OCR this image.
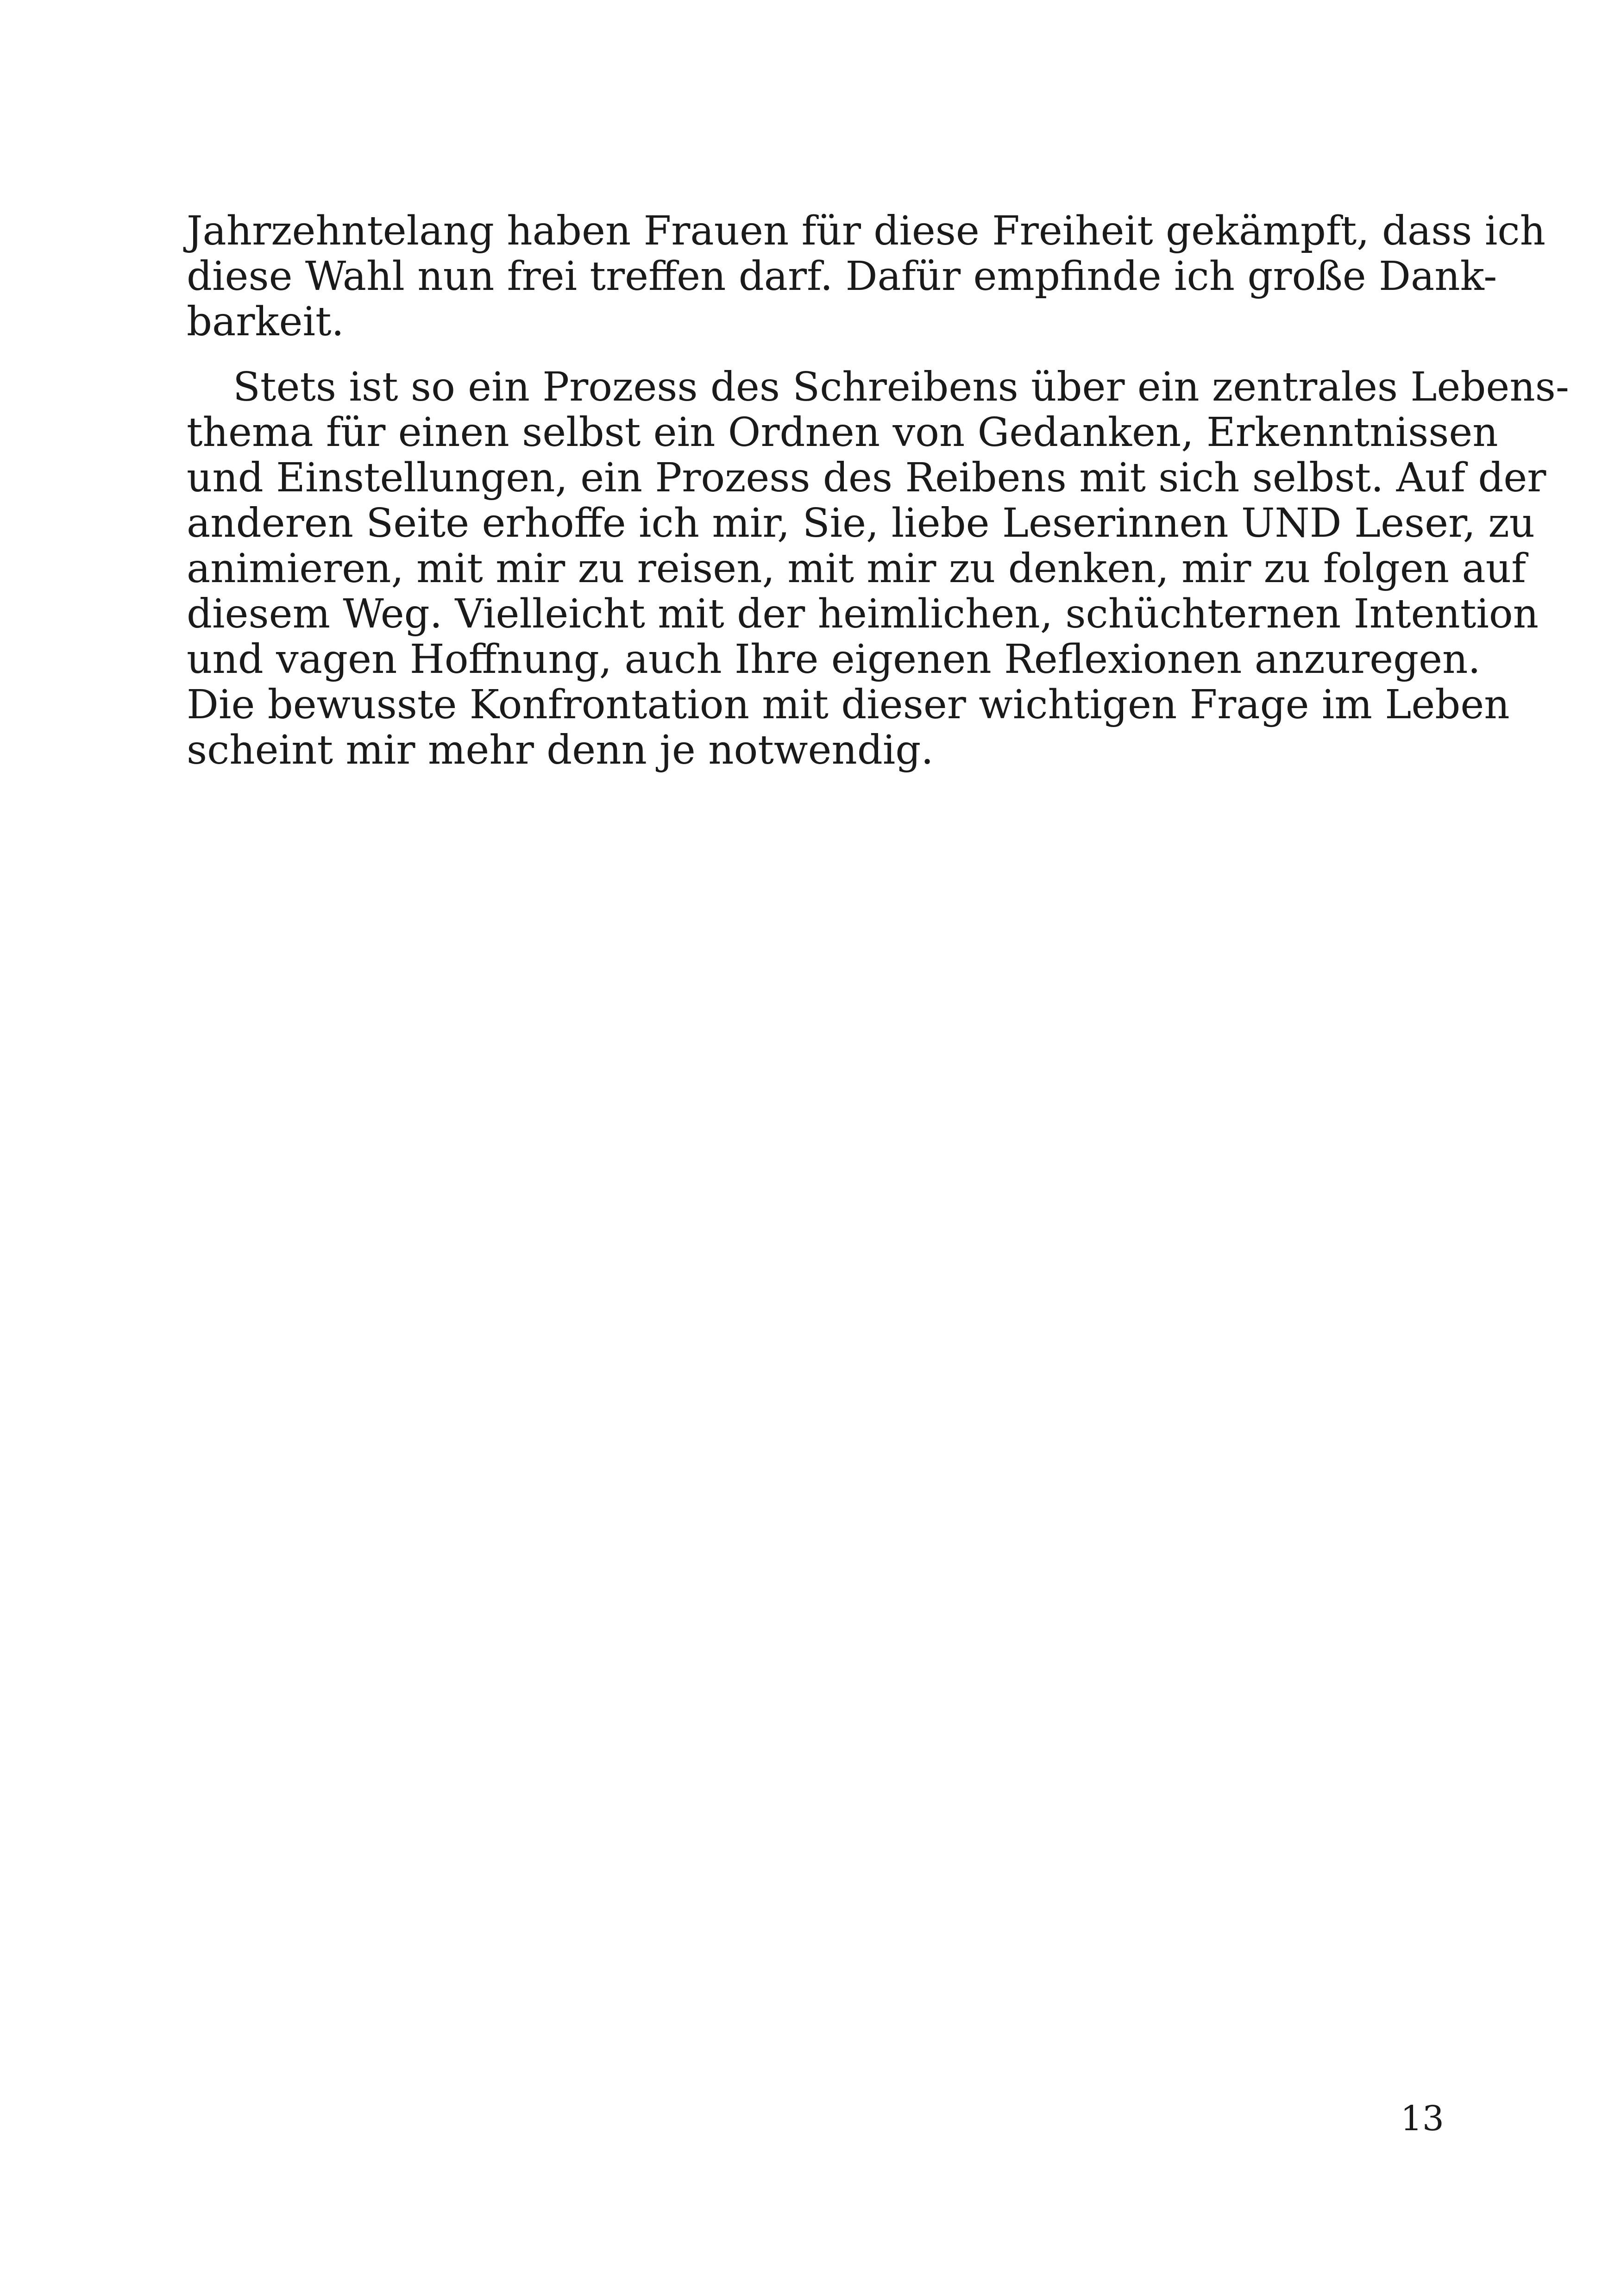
Jahrzehntelang haben Frauen für diese Freiheit gekämpft, dass ich
diese Wahl nun frei treffen darf. Dafür empfinde ich große Dank-
barkeit.

Stets ist so ein Prozess des Schreibens über ein zentrales Lebens-
thema für einen selbst ein Ordnen von Gedanken, Erkenntnissen
und Einstellungen, ein Prozess des Reibens mit sich selbst. Auf der
anderen Seite erhoffe ich mir, Sie, liebe Leserinnen UND Leser, zu
animieren, mit mir zu reisen, mit mir zu denken, mir zu folgen auf
diesem Weg. Vielleicht mit der heimlichen, schüchternen Intention
und vagen Hoffnung, auch Ihre eigenen Reflexionen anzuregen.
Die bewusste Konfrontation mit dieser wichtigen Frage im Leben
scheint mir mehr denn je notwendig.

13
